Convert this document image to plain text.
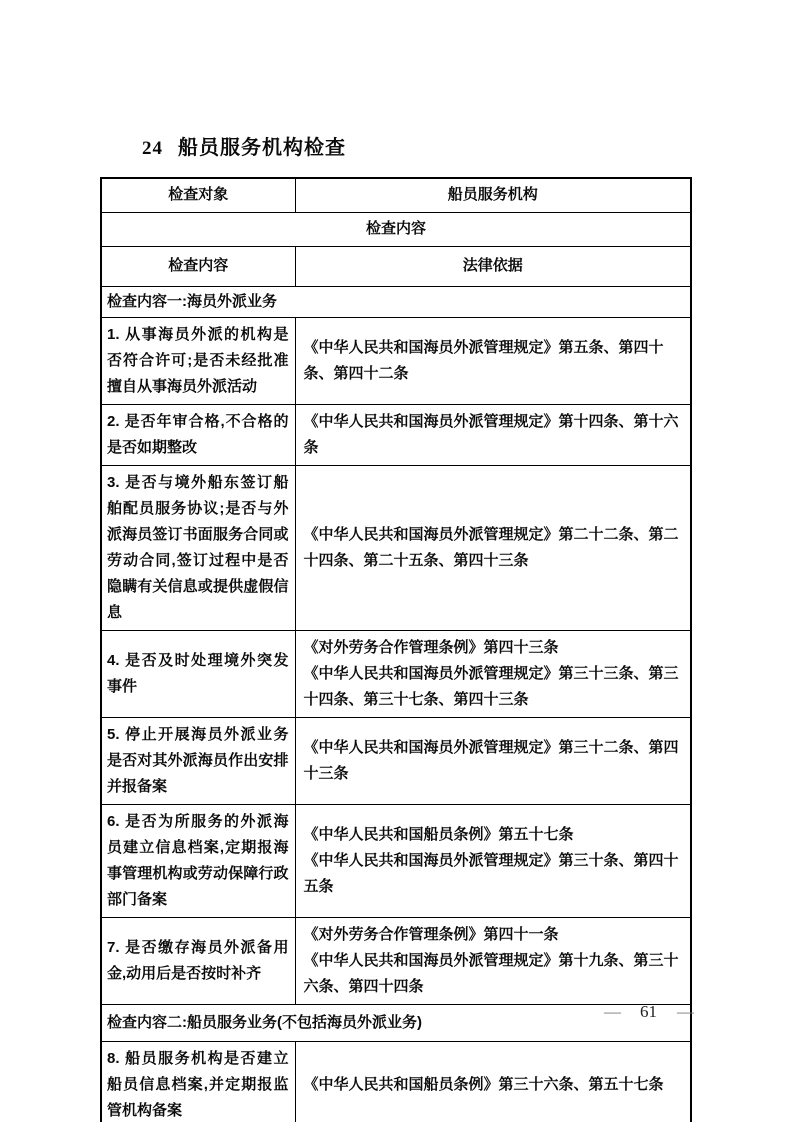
24 船员服务机构检查
检查对象	船员服务机构
检查内容	
检查内容	法律依据
检查内容一:海员外派业务	
1. 从事海员外派的机构是否符合许可;是否未经批准擅自从事海员外派活动	《中华人民共和国海员外派管理规定》第五条、第四十条、第四十二条

2. 是否年审合格,不合格的是否如期整改	《中华人民共和国海员外派管理规定》第十四条、第十六条

3. 是否与境外船东签订船舶配员服务协议;是否与外派海员签订书面服务合同或劳动合同,签订过程中是否隐瞒有关信息或提供虚假信息	《中华人民共和国海员外派管理规定》第二十二条、第二十四条、第二十五条、第四十三条

4. 是否及时处理境外突发事件	《对外劳务合作管理条例》第四十三条
《中华人民共和国海员外派管理规定》第三十三条、第三十四条、第三十七条、第四十三条

5. 停止开展海员外派业务是否对其外派海员作出安排并报备案	《中华人民共和国海员外派管理规定》第三十二条、第四十三条

6. 是否为所服务的外派海员建立信息档案,定期报海事管理机构或劳动保障行政部门备案	《中华人民共和国船员条例》第五十七条
《中华人民共和国海员外派管理规定》第三十条、第四十五条

7. 是否缴存海员外派备用金,动用后是否按时补齐	《对外劳务合作管理条例》第四十一条
《中华人民共和国海员外派管理规定》第十九条、第三十六条、第四十四条

检查内容二:船员服务业务(不包括海员外派业务)	
8. 船员服务机构是否建立船员信息档案,并定期报监管机构备案	《中华人民共和国船员条例》第三十六条、第五十七条
— 61 —
